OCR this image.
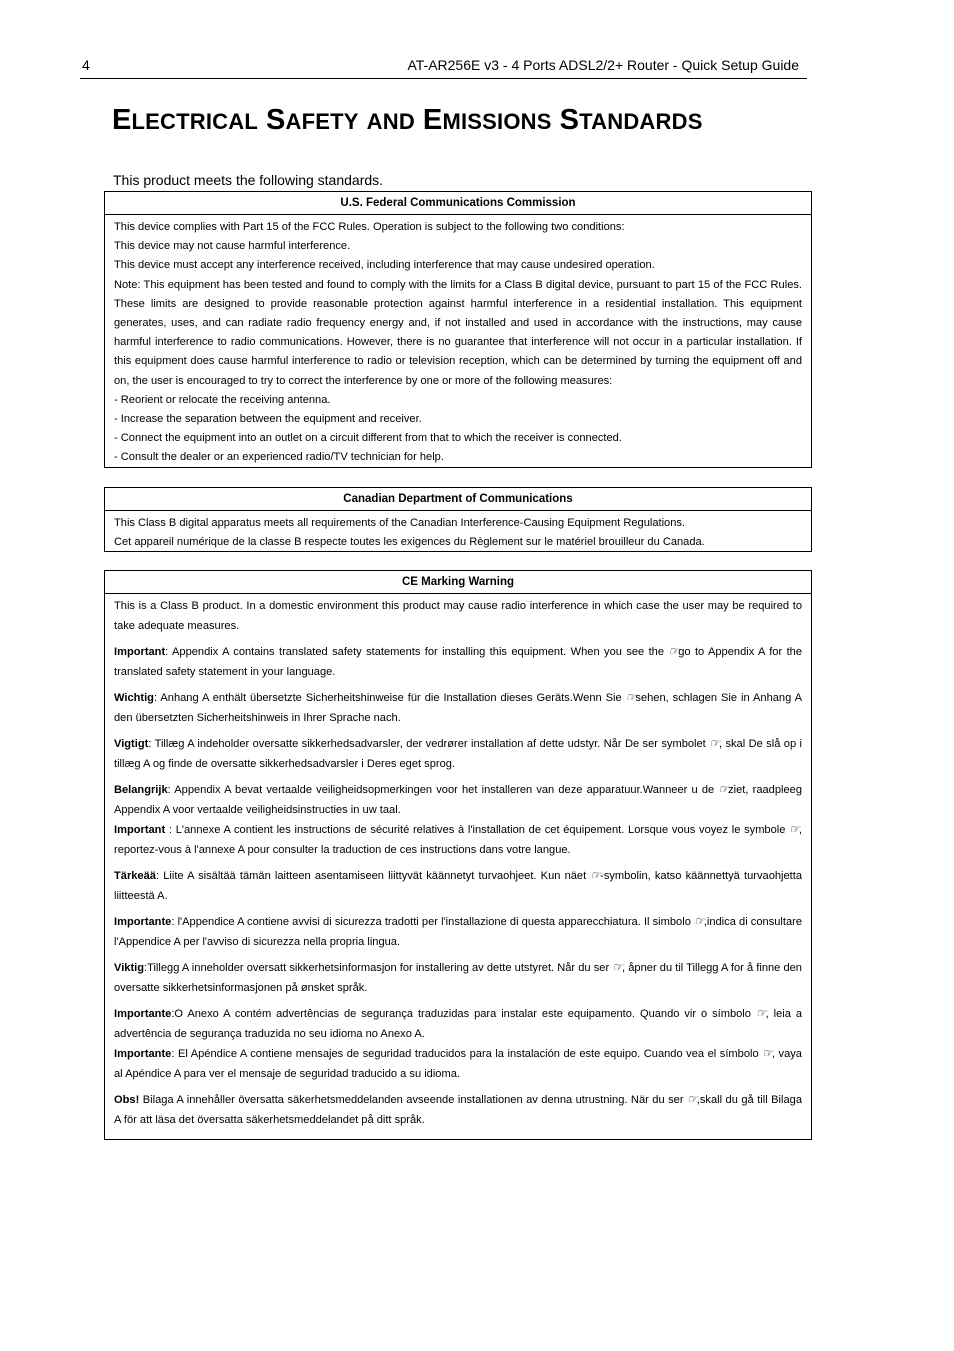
4	AT-AR256E v3 - 4 Ports ADSL2/2+ Router - Quick Setup Guide
ELECTRICAL SAFETY AND EMISSIONS STANDARDS
This product meets the following standards.
U.S. Federal Communications Commission

This device complies with Part 15 of the FCC Rules. Operation is subject to the following two conditions:

This device may not cause harmful interference.

This device must accept any interference received, including interference that may cause undesired operation.

Note: This equipment has been tested and found to comply with the limits for a Class B digital device, pursuant to part 15 of the FCC Rules. These limits are designed to provide reasonable protection against harmful interference in a residential installation. This equipment generates, uses, and can radiate radio frequency energy and, if not installed and used in accordance with the instructions, may cause harmful interference to radio communications. However, there is no guarantee that interference will not occur in a particular installation. If this equipment does cause harmful interference to radio or television reception, which can be determined by turning the equipment off and on, the user is encouraged to try to correct the interference by one or more of the following measures:

- Reorient or relocate the receiving antenna.

- Increase the separation between the equipment and receiver.

- Connect the equipment into an outlet on a circuit different from that to which the receiver is connected.

- Consult the dealer or an experienced radio/TV technician for help.

Canadian Department of Communications

This Class B digital apparatus meets all requirements of the Canadian Interference-Causing Equipment Regulations.

Cet appareil numérique de la classe B respecte toutes les exigences du Règlement sur le matériel brouilleur du Canada.

CE Marking Warning

This is a Class B product. In a domestic environment this product may cause radio interference in which case the user may be required to take adequate measures.

Important: Appendix A contains translated safety statements for installing this equipment. When you see the ☞go to Appendix A for the translated safety statement in your language.

Wichtig: Anhang A enthält übersetzte Sicherheitshinweise für die Installation dieses Geräts.Wenn Sie ☞sehen, schlagen Sie in Anhang A den übersetzten Sicherheitshinweis in Ihrer Sprache nach.

Vigtigt: Tillæg A indeholder oversatte sikkerhedsadvarsler, der vedrører installation af dette udstyr. Når De ser symbolet ☞, skal De slå op i tillæg A og finde de oversatte sikkerhedsadvarsler i Deres eget sprog.

Belangrijk: Appendix A bevat vertaalde veiligheidsopmerkingen voor het installeren van deze apparatuur.Wanneer u de ☞ziet, raadpleeg Appendix A voor vertaalde veiligheidsinstructies in uw taal.

Important : L'annexe A contient les instructions de sécurité relatives à l'installation de cet équipement. Lorsque vous voyez le symbole ☞, reportez-vous à l'annexe A pour consulter la traduction de ces instructions dans votre langue.

Tärkeää: Liite A sisältää tämän laitteen asentamiseen liittyvät käännetyt turvaohjeet. Kun näet ☞-symbolin, katso käännettyä turvaohjetta liitteestä A.

Importante: l'Appendice A contiene avvisi di sicurezza tradotti per l'installazione di questa apparecchiatura. Il simbolo ☞,indica di consultare l'Appendice A per l'avviso di sicurezza nella propria lingua.

Viktig:Tillegg A inneholder oversatt sikkerhetsinformasjon for installering av dette utstyret. Når du ser ☞, åpner du til Tillegg A for å finne den oversatte sikkerhetsinformasjonen på ønsket språk.

Importante:O Anexo A contém advertências de segurança traduzidas para instalar este equipamento. Quando vir o símbolo ☞, leia a advertência de segurança traduzida no seu idioma no Anexo A.

Importante: El Apéndice A contiene mensajes de seguridad traducidos para la instalación de este equipo. Cuando vea el símbolo ☞, vaya al Apéndice A para ver el mensaje de seguridad traducido a su idioma.

Obs! Bilaga A innehåller översatta säkerhetsmeddelanden avseende installationen av denna utrustning. När du ser ☞,skall du gå till Bilaga A för att läsa det översatta säkerhetsmeddelandet på ditt språk.
